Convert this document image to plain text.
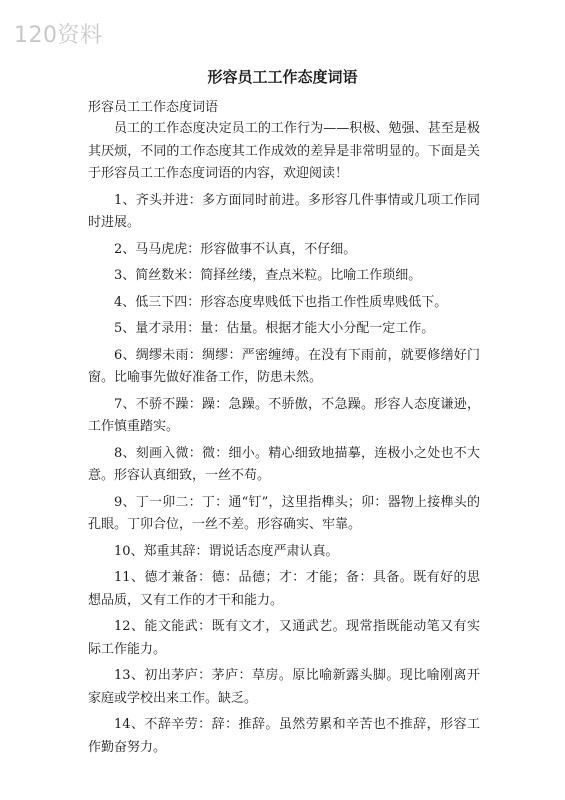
120资料
形容员工工作态度词语
形容员工工作态度词语

员工的工作态度决定员工的工作行为——积极、勉强、甚至是极其厌烦，不同的工作态度其工作成效的差异是非常明显的。下面是关于形容员工工作态度词语的内容，欢迎阅读！

1、齐头并进：多方面同时前进。多形容几件事情或几项工作同时进展。

2、马马虎虎：形容做事不认真，不仔细。

3、简丝数米：简择丝缕，查点米粒。比喻工作琐细。

4、低三下四：形容态度卑贱低下也指工作性质卑贱低下。

5、量才录用：量：估量。根据才能大小分配一定工作。

6、绸缪未雨：绸缪：严密缠缚。在没有下雨前，就要修缮好门窗。比喻事先做好准备工作，防患未然。

7、不骄不躁：躁：急躁。不骄傲，不急躁。形容人态度谦逊，工作慎重踏实。

8、刻画入微：微：细小。精心细致地描摹，连极小之处也不大意。形容认真细致，一丝不苟。

9、丁一卯二：丁：通“钉”，这里指榫头；卯：器物上接榫头的孔眼。丁卯合位，一丝不差。形容确实、牢靠。

10、郑重其辞：谓说话态度严肃认真。

11、德才兼备：德：品德；才：才能；备：具备。既有好的思想品质，又有工作的才干和能力。

12、能文能武：既有文才，又通武艺。现常指既能动笔又有实际工作能力。

13、初出茅庐：茅庐：草房。原比喻新露头脚。现比喻刚离开家庭或学校出来工作。缺乏。

14、不辞辛劳：辞：推辞。虽然劳累和辛苦也不推辞，形容工作勤奋努力。
